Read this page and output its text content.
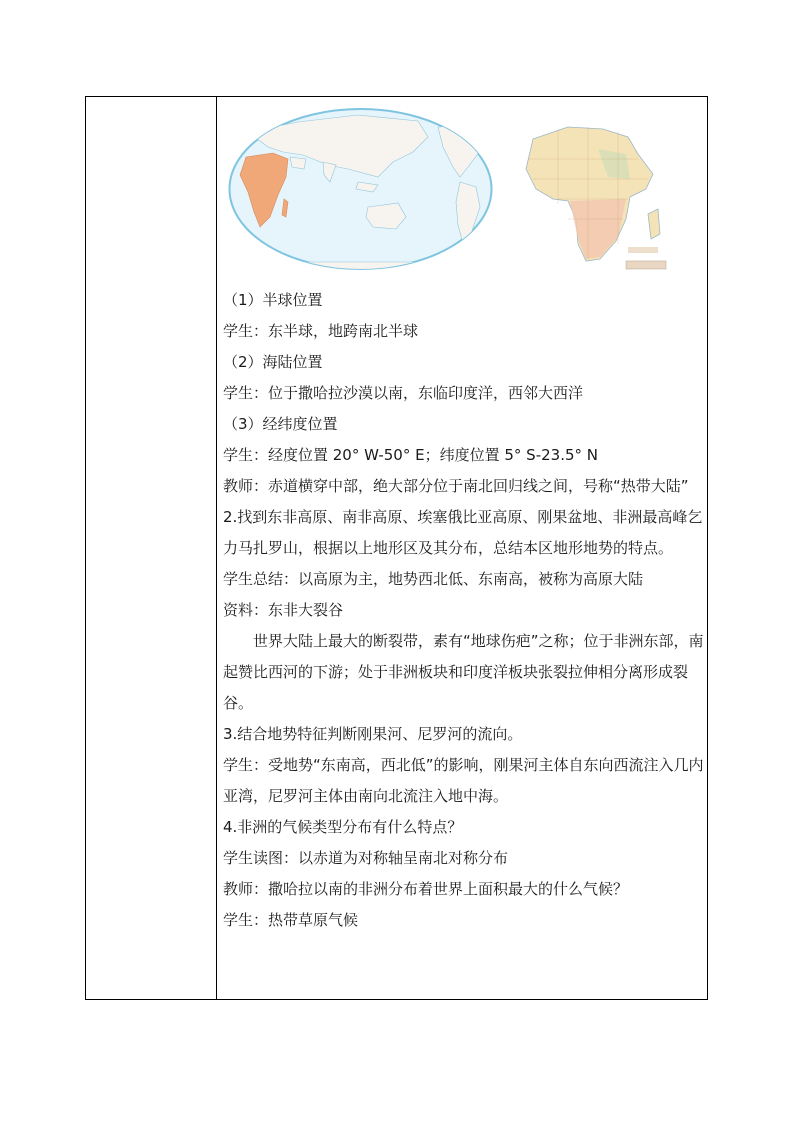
（1）半球位置
学生：东半球，地跨南北半球
（2）海陆位置
学生：位于撒哈拉沙漠以南，东临印度洋，西邻大西洋
（3）经纬度位置
学生：经度位置 20° W-50° E；纬度位置 5° S-23.5° N
教师：赤道横穿中部，绝大部分位于南北回归线之间，号称“热带大陆”
2.找到东非高原、南非高原、埃塞俄比亚高原、刚果盆地、非洲最高峰乞力马扎罗山，根据以上地形区及其分布，总结本区地形地势的特点。
学生总结：以高原为主，地势西北低、东南高，被称为高原大陆
资料：东非大裂谷
世界大陆上最大的断裂带，素有“地球伤疤”之称；位于非洲东部，南起赞比西河的下游；处于非洲板块和印度洋板块张裂拉伸相分离形成裂谷。
3.结合地势特征判断刚果河、尼罗河的流向。
学生：受地势“东南高，西北低”的影响，刚果河主体自东向西流注入几内亚湾，尼罗河主体由南向北流注入地中海。
4.非洲的气候类型分布有什么特点？
学生读图：以赤道为对称轴呈南北对称分布
教师：撒哈拉以南的非洲分布着世界上面积最大的什么气候？
学生：热带草原气候
